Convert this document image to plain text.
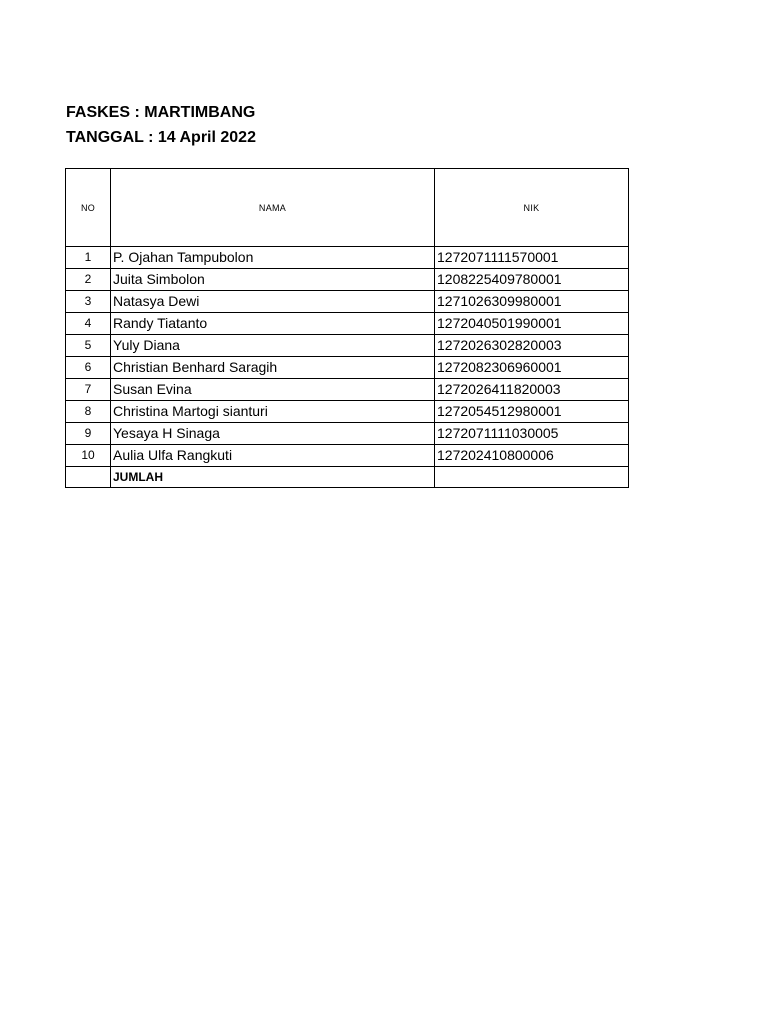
FASKES : MARTIMBANG
TANGGAL : 14 April 2022
NO	NAMA	NIK
1	P. Ojahan Tampubolon	1272071111570001
2	Juita Simbolon	1208225409780001
3	Natasya Dewi	1271026309980001
4	Randy Tiatanto	1272040501990001
5	Yuly Diana	1272026302820003
6	Christian Benhard Saragih	1272082306960001
7	Susan Evina	1272026411820003
8	Christina Martogi sianturi	1272054512980001
9	Yesaya H Sinaga	1272071111030005
10	Aulia Ulfa Rangkuti	127202410800006
	JUMLAH	
